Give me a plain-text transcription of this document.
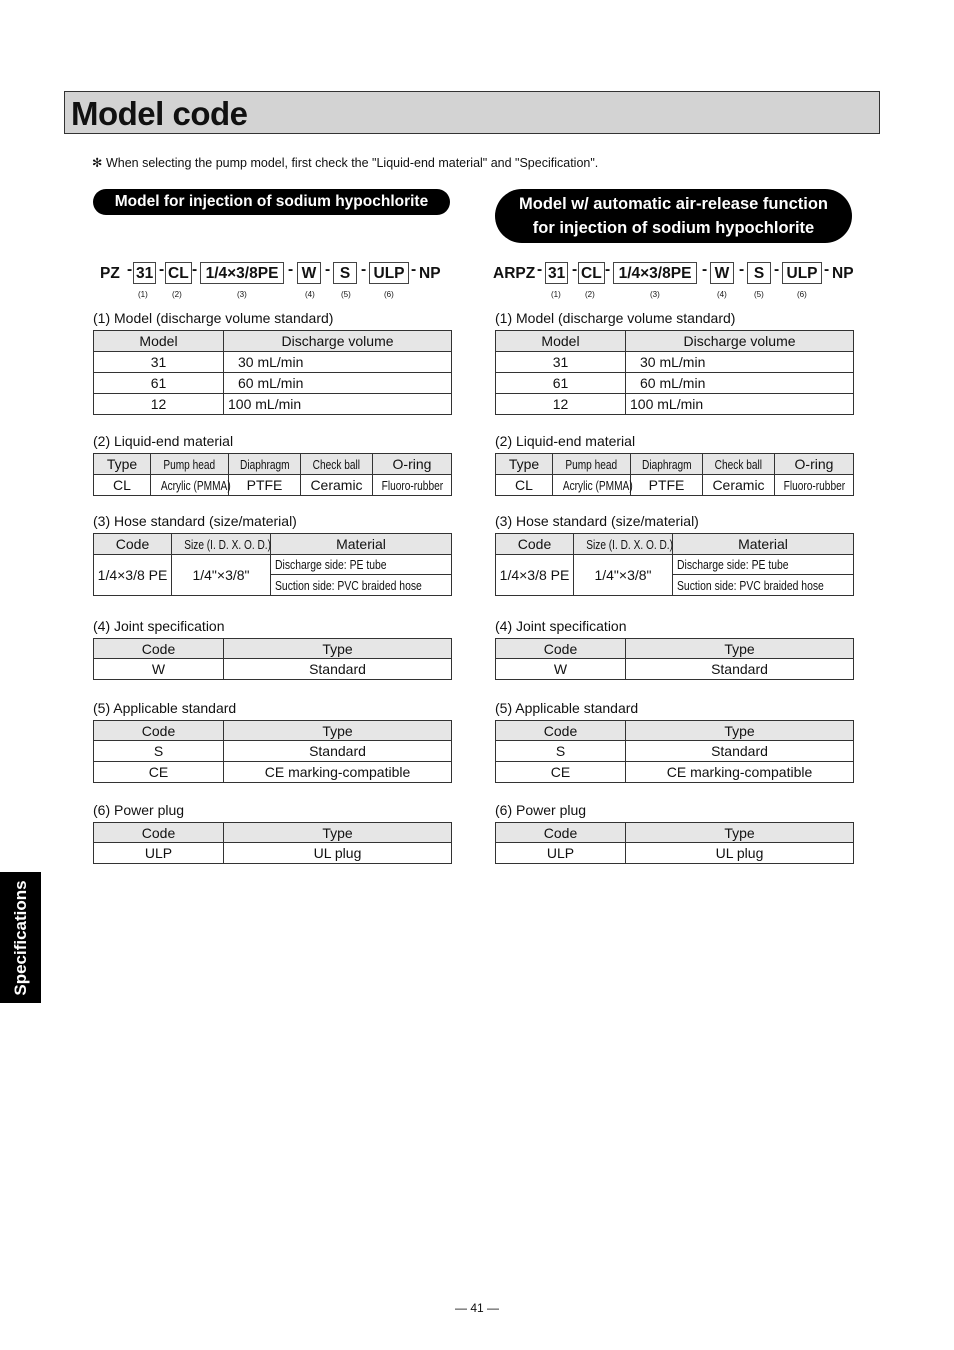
Model code
✻ When selecting the pump model, first check the "Liquid-end material" and "Specification".
Model for injection of sodium hypochlorite
PZ - - -	- - -	-
31 CL	1/4×3/8PE	W	S	ULP NP
(1)	(2)	(3)	(4)	(5)	(6)
(1) Model (discharge volume standard)
Model	Discharge volume
31	30 mL/min
61	60 mL/min
12	100 mL/min
(2) Liquid-end material
Type	Pump head	Diaphragm	Check ball	O-ring
CL	Acrylic (PMMA)	PTFE	Ceramic	Fluoro-rubber
(3) Hose standard (size/material)
Code	Size (I. D. X. O. D.)	Material
1/4×3/8 PE	1/4"×3/8"	Discharge side: PE tube
		Suction side: PVC braided hose
(4) Joint specification
Code	Type
W	Standard
(5) Applicable standard
Code	Type
S	Standard
CE	CE marking-compatible
(6) Power plug
Code	Type
ULP	UL plug
Model w/ automatic air-release function
for injection of sodium hypochlorite
ARPZ - - -	- - -	-
31 CL	1/4×3/8PE	W	S	ULP NP
(1)	(2)	(3)	(4)	(5)	(6)
(1) Model (discharge volume standard)
Model	Discharge volume
31	30 mL/min
61	60 mL/min
12	100 mL/min
(2) Liquid-end material
Type	Pump head	Diaphragm	Check ball	O-ring
CL	Acrylic (PMMA)	PTFE	Ceramic	Fluoro-rubber
(3) Hose standard (size/material)
Code	Size (I. D. X. O. D.)	Material
1/4×3/8 PE	1/4"×3/8"	Discharge side: PE tube
		Suction side: PVC braided hose
(4) Joint specification
Code	Type
W	Standard
(5) Applicable standard
Code	Type
S	Standard
CE	CE marking-compatible
(6) Power plug
Code	Type
ULP	UL plug
Specifications
— 41 —
